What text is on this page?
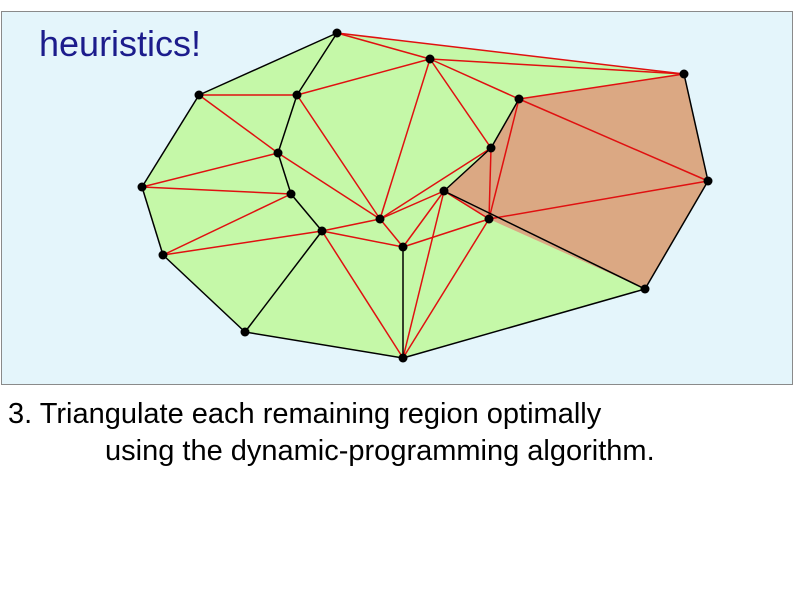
heuristics!
3. Triangulate each remaining region optimally
using the dynamic-programming algorithm.
